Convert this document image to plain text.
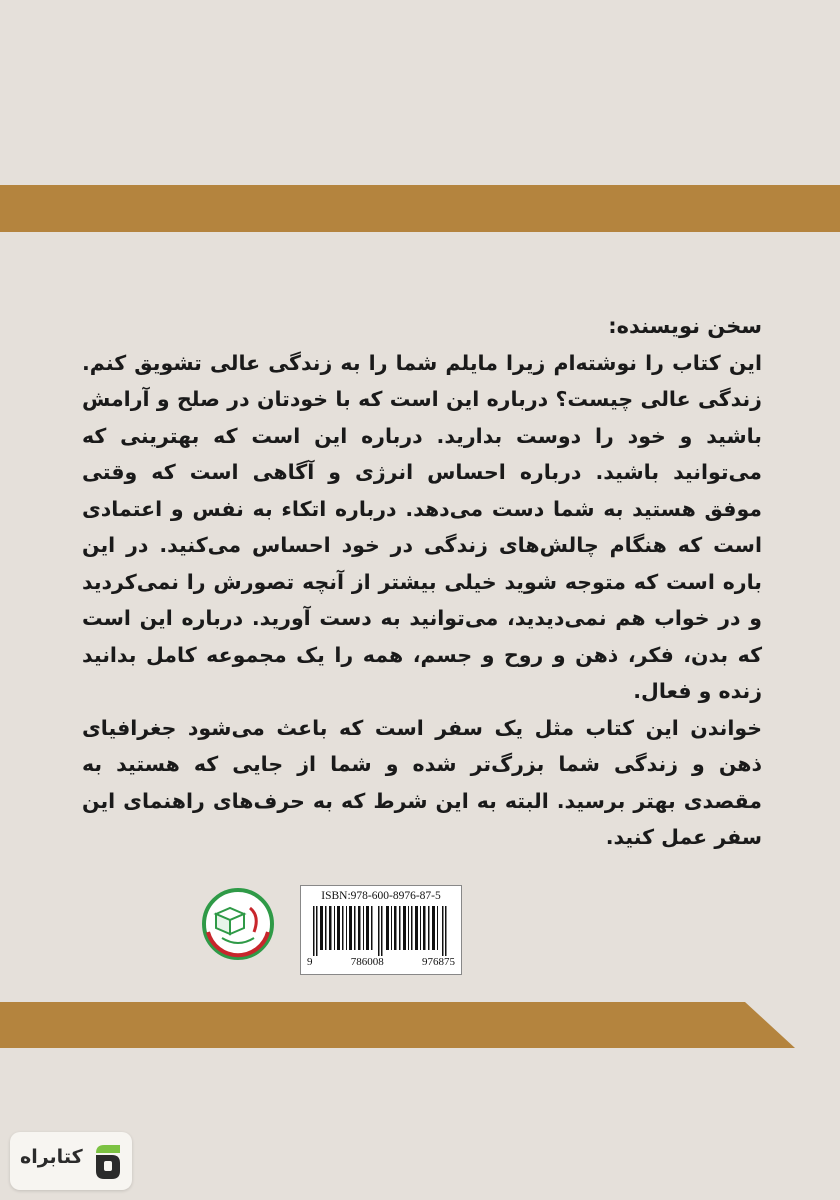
سخن نویسنده:

این کتاب را نوشته‌ام زیرا مایلم شما را به زندگی عالی تشویق کنم. زندگی عالی چیست؟ درباره این است که با خودتان در صلح و آرامش باشید و خود را دوست بدارید. درباره این است که بهترینی که می‌توانید باشید. درباره احساس انرژی و آگاهی است که وقتی موفق هستید به شما دست می‌دهد. درباره اتکاء به نفس و اعتمادی است که هنگام چالش‌های زندگی در خود احساس می‌کنید. در این باره است که متوجه شوید خیلی بیشتر از آنچه تصورش را نمی‌کردید و در خواب هم نمی‌دیدید، می‌توانید به دست آورید. درباره این است که بدن، فکر، ذهن و روح و جسم، همه را یک مجموعه کامل بدانید زنده و فعال.

خواندن این کتاب مثل یک سفر است که باعث می‌شود جغرافیای ذهن و زندگی شما بزرگ‌تر شده و شما از جایی که هستید به مقصدی بهتر برسید. البته به این شرط که به حرف‌های راهنمای این سفر عمل کنید.

ISBN:978-600-8976-87-5
9	786008	976875
کتابراه
